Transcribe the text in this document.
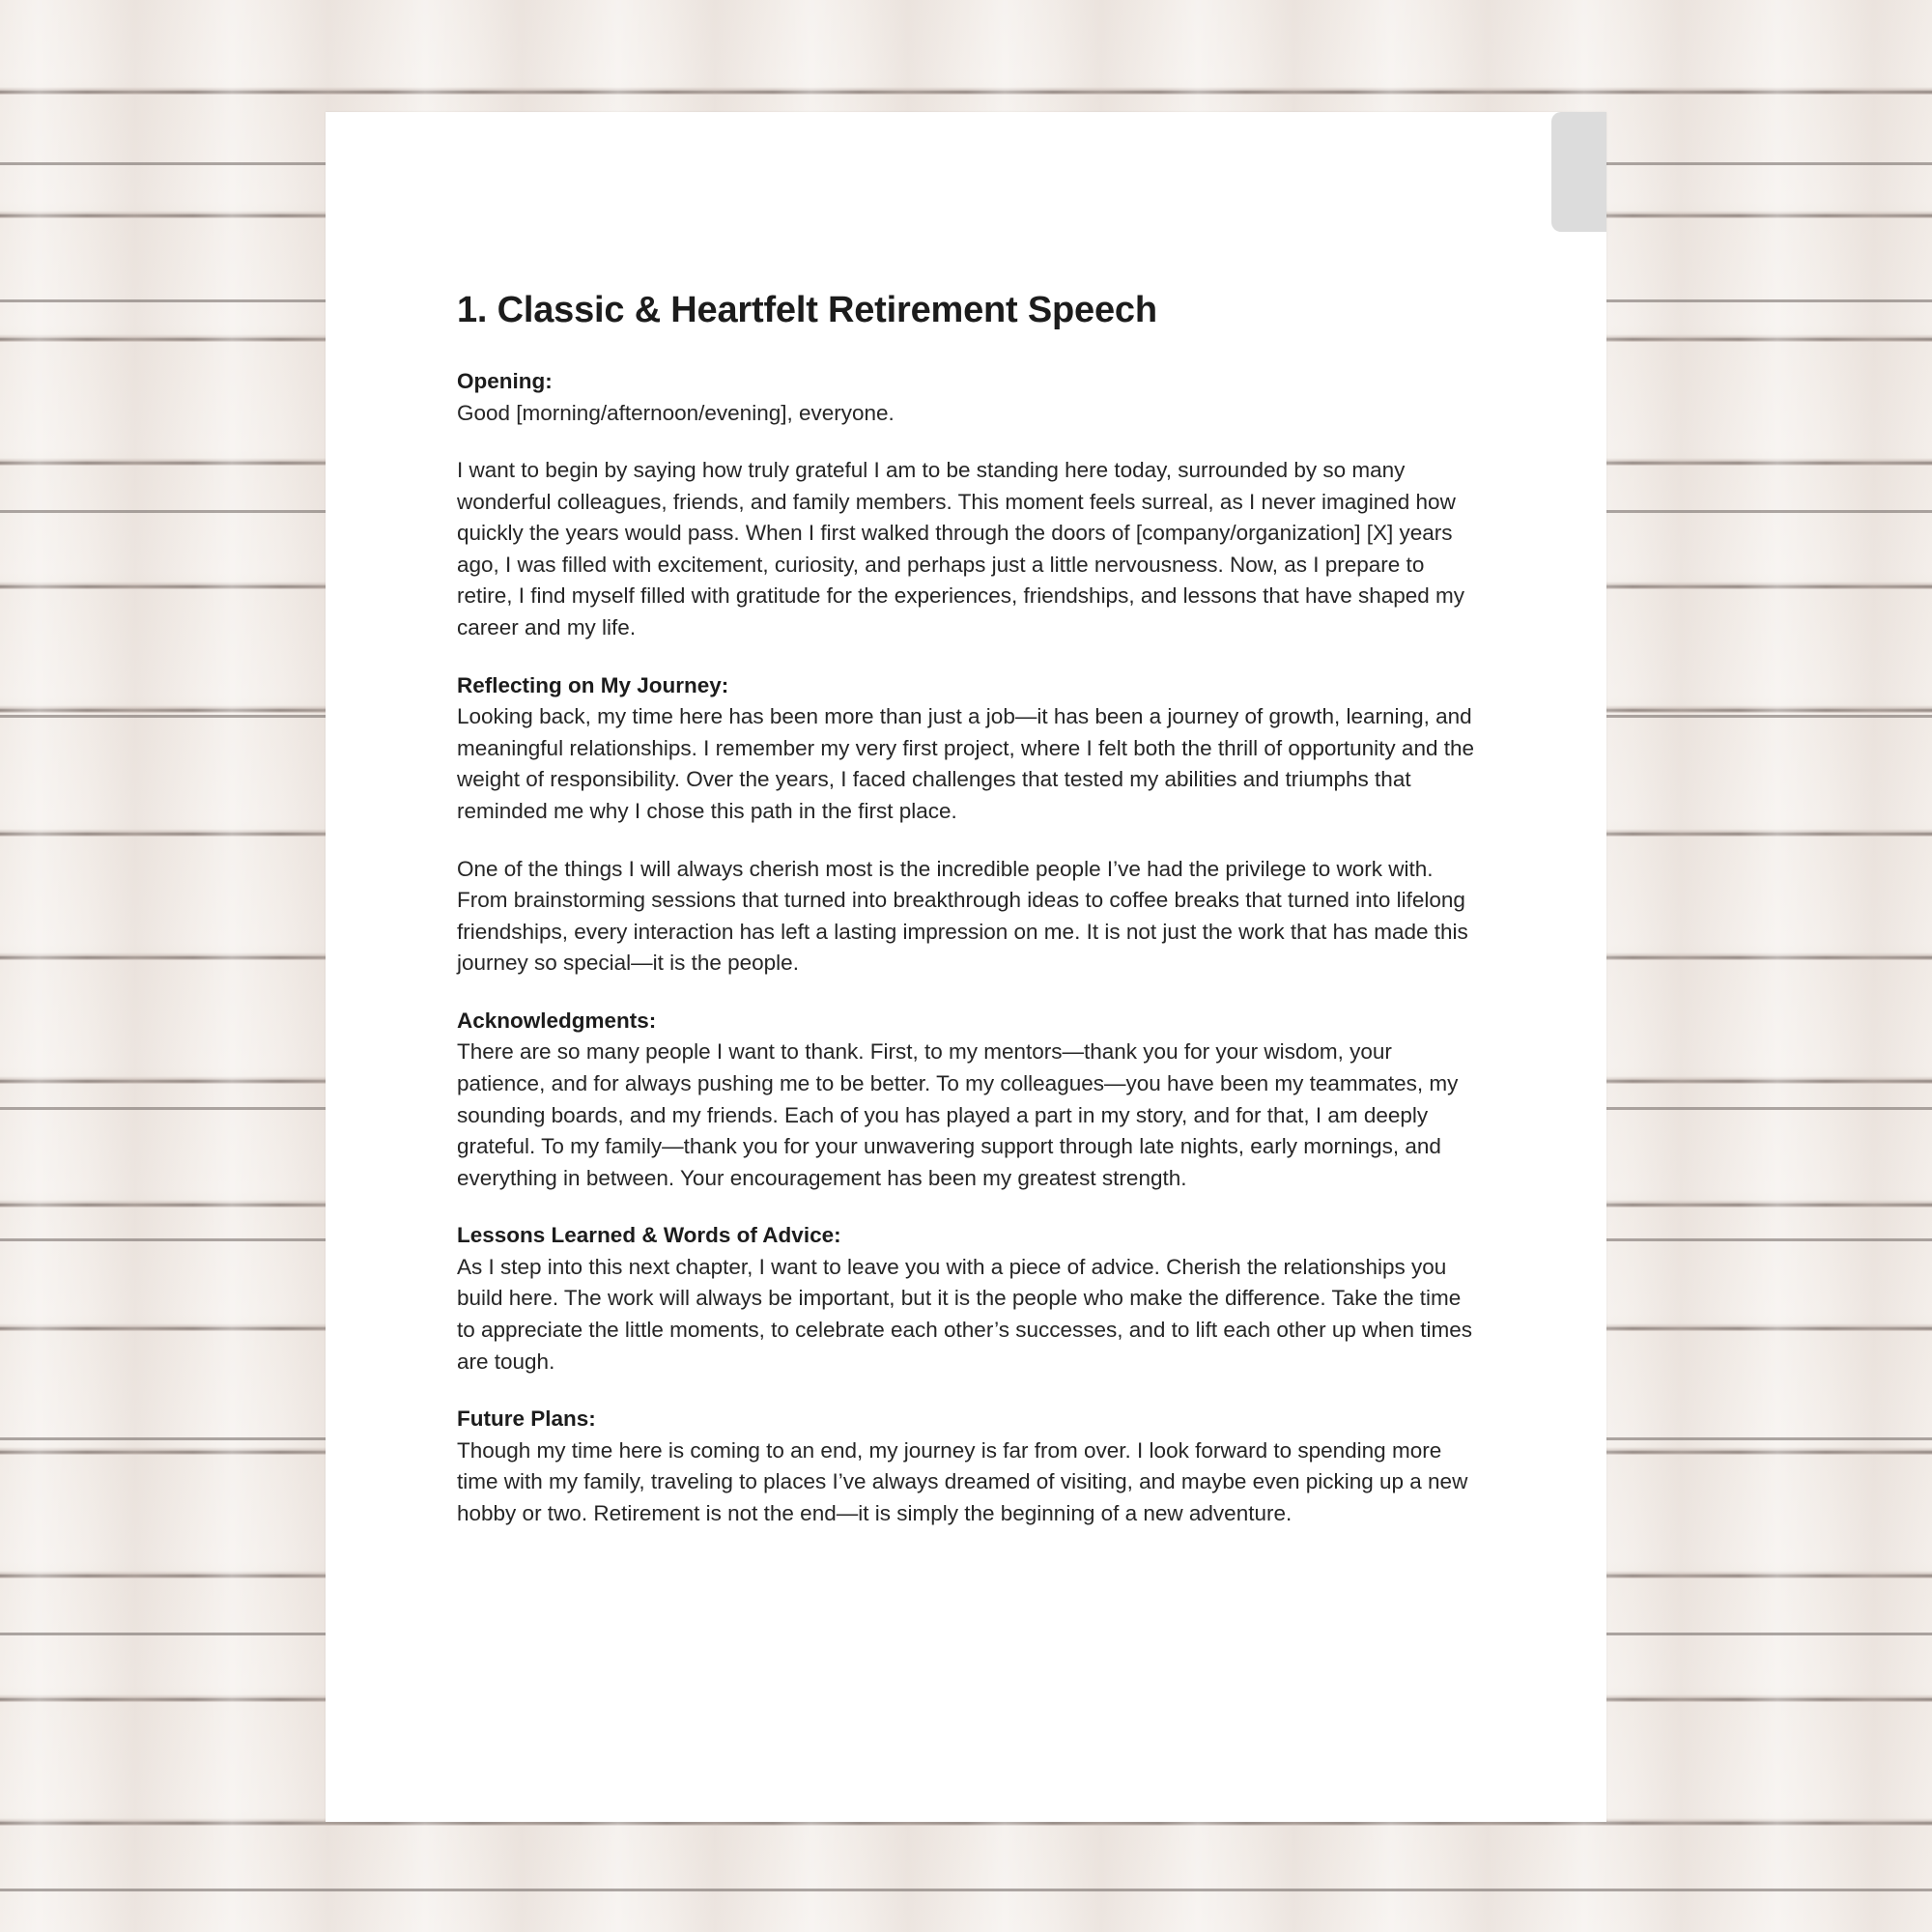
1. Classic & Heartfelt Retirement Speech

Opening:

Good [morning/afternoon/evening], everyone.

I want to begin by saying how truly grateful I am to be standing here today, surrounded by so many wonderful colleagues, friends, and family members. This moment feels surreal, as I never imagined how quickly the years would pass. When I first walked through the doors of [company/organization] [X] years ago, I was filled with excitement, curiosity, and perhaps just a little nervousness. Now, as I prepare to retire, I find myself filled with gratitude for the experiences, friendships, and lessons that have shaped my career and my life.

Reflecting on My Journey:

Looking back, my time here has been more than just a job—it has been a journey of growth, learning, and meaningful relationships. I remember my very first project, where I felt both the thrill of opportunity and the weight of responsibility. Over the years, I faced challenges that tested my abilities and triumphs that reminded me why I chose this path in the first place.

One of the things I will always cherish most is the incredible people I’ve had the privilege to work with. From brainstorming sessions that turned into breakthrough ideas to coffee breaks that turned into lifelong friendships, every interaction has left a lasting impression on me. It is not just the work that has made this journey so special—it is the people.

Acknowledgments:

There are so many people I want to thank. First, to my mentors—thank you for your wisdom, your patience, and for always pushing me to be better. To my colleagues—you have been my teammates, my sounding boards, and my friends. Each of you has played a part in my story, and for that, I am deeply grateful. To my family—thank you for your unwavering support through late nights, early mornings, and everything in between. Your encouragement has been my greatest strength.

Lessons Learned & Words of Advice:

As I step into this next chapter, I want to leave you with a piece of advice. Cherish the relationships you build here. The work will always be important, but it is the people who make the difference. Take the time to appreciate the little moments, to celebrate each other’s successes, and to lift each other up when times are tough.

Future Plans:

Though my time here is coming to an end, my journey is far from over. I look forward to spending more time with my family, traveling to places I’ve always dreamed of visiting, and maybe even picking up a new hobby or two. Retirement is not the end—it is simply the beginning of a new adventure.
